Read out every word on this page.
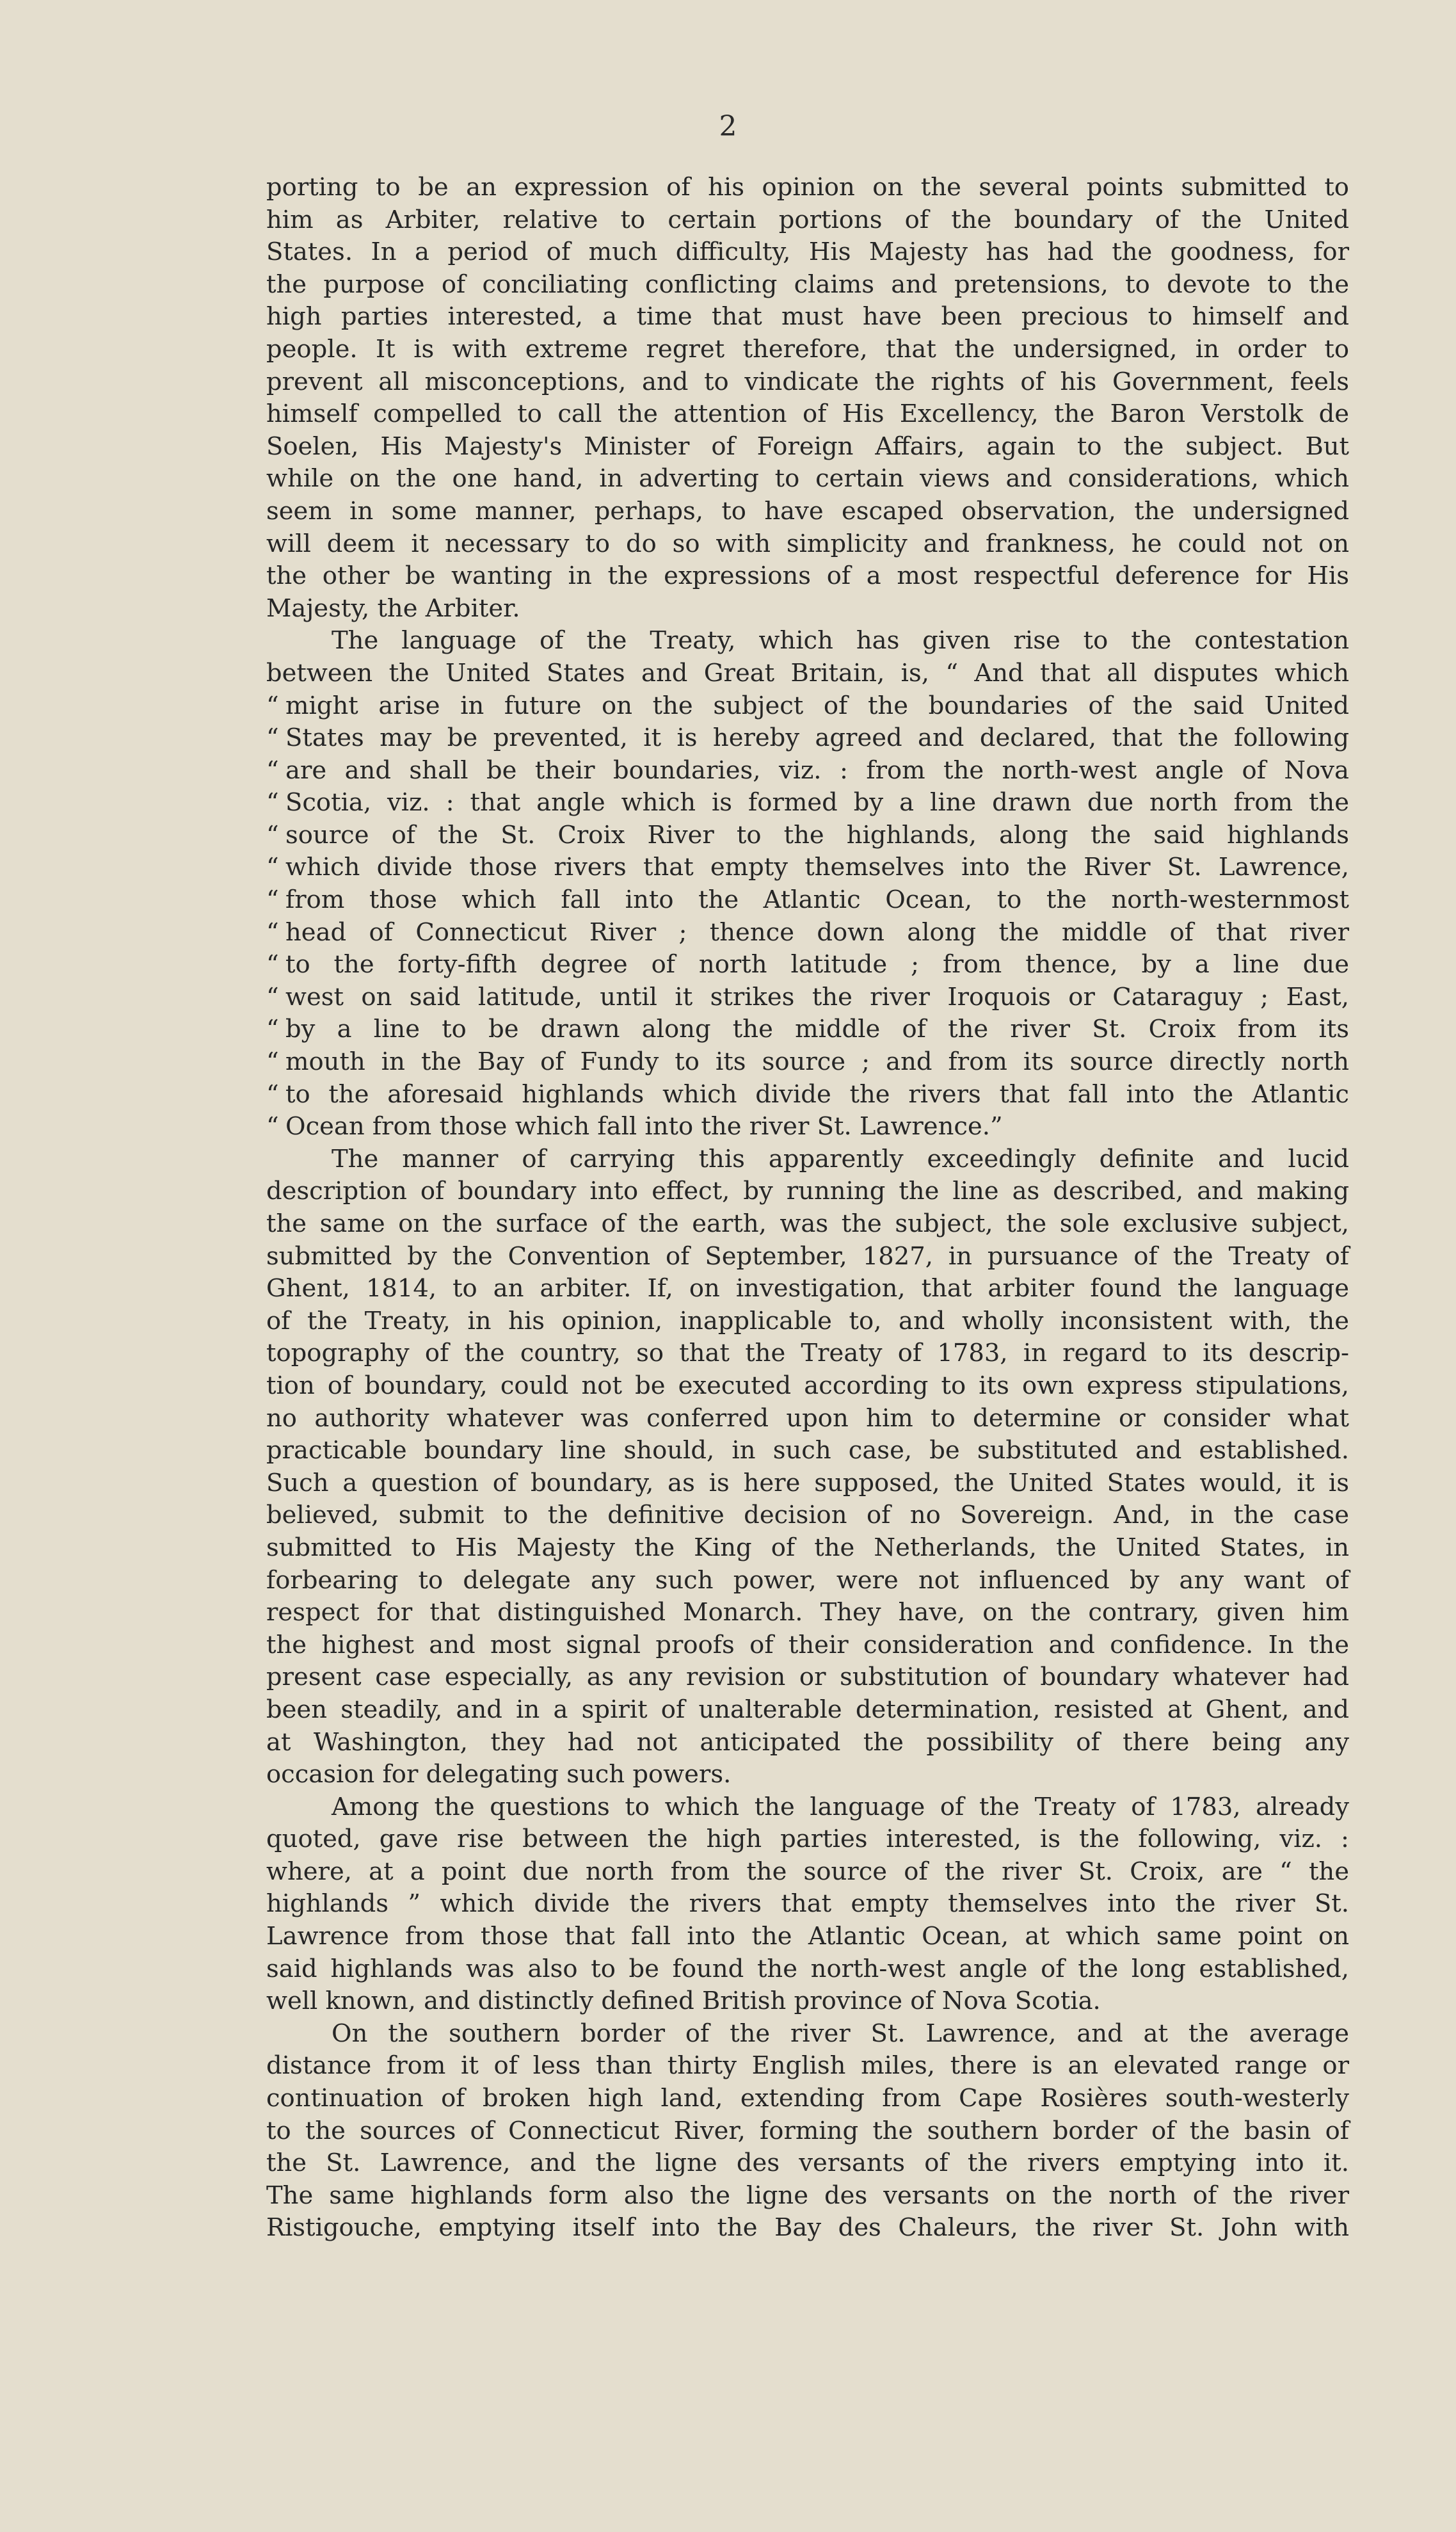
2

porting to be an expression of his opinion on the several points submitted to
him as Arbiter, relative to certain portions of the boundary of the United
States. In a period of much difficulty, His Majesty has had the goodness, for
the purpose of conciliating conflicting claims and pretensions, to devote to the
high parties interested, a time that must have been precious to himself and
people. It is with extreme regret therefore, that the undersigned, in order to
prevent all misconceptions, and to vindicate the rights of his Government, feels
himself compelled to call the attention of His Excellency, the Baron Verstolk de
Soelen, His Majesty's Minister of Foreign Affairs, again to the subject. But
while on the one hand, in adverting to certain views and considerations, which
seem in some manner, perhaps, to have escaped observation, the undersigned
will deem it necessary to do so with simplicity and frankness, he could not on
the other be wanting in the expressions of a most respectful deference for His
Majesty, the Arbiter.

The language of the Treaty, which has given rise to the contestation
between the United States and Great Britain, is, “ And that all disputes which
“ might arise in future on the subject of the boundaries of the said United
“ States may be prevented, it is hereby agreed and declared, that the following
“ are and shall be their boundaries, viz. : from the north-west angle of Nova
“ Scotia, viz. : that angle which is formed by a line drawn due north from the
“ source of the St. Croix River to the highlands, along the said highlands
“ which divide those rivers that empty themselves into the River St. Lawrence,
“ from those which fall into the Atlantic Ocean, to the north-westernmost
“ head of Connecticut River ; thence down along the middle of that river
“ to the forty-fifth degree of north latitude ; from thence, by a line due
“ west on said latitude, until it strikes the river Iroquois or Cataraguy ; East,
“ by a line to be drawn along the middle of the river St. Croix from its
“ mouth in the Bay of Fundy to its source ; and from its source directly north
“ to the aforesaid highlands which divide the rivers that fall into the Atlantic
“ Ocean from those which fall into the river St. Lawrence.”

The manner of carrying this apparently exceedingly definite and lucid
description of boundary into effect, by running the line as described, and making
the same on the surface of the earth, was the subject, the sole exclusive subject,
submitted by the Convention of September, 1827, in pursuance of the Treaty of
Ghent, 1814, to an arbiter. If, on investigation, that arbiter found the language
of the Treaty, in his opinion, inapplicable to, and wholly inconsistent with, the
topography of the country, so that the Treaty of 1783, in regard to its descrip-
tion of boundary, could not be executed according to its own express stipulations,
no authority whatever was conferred upon him to determine or consider what
practicable boundary line should, in such case, be substituted and established.
Such a question of boundary, as is here supposed, the United States would, it is
believed, submit to the definitive decision of no Sovereign. And, in the case
submitted to His Majesty the King of the Netherlands, the United States, in
forbearing to delegate any such power, were not influenced by any want of
respect for that distinguished Monarch. They have, on the contrary, given him
the highest and most signal proofs of their consideration and confidence. In the
present case especially, as any revision or substitution of boundary whatever had
been steadily, and in a spirit of unalterable determination, resisted at Ghent, and
at Washington, they had not anticipated the possibility of there being any
occasion for delegating such powers.

Among the questions to which the language of the Treaty of 1783, already
quoted, gave rise between the high parties interested, is the following, viz. :
where, at a point due north from the source of the river St. Croix, are “ the
highlands ” which divide the rivers that empty themselves into the river St.
Lawrence from those that fall into the Atlantic Ocean, at which same point on
said highlands was also to be found the north-west angle of the long established,
well known, and distinctly defined British province of Nova Scotia.

On the southern border of the river St. Lawrence, and at the average
distance from it of less than thirty English miles, there is an elevated range or
continuation of broken high land, extending from Cape Rosières south-westerly
to the sources of Connecticut River, forming the southern border of the basin of
the St. Lawrence, and the ligne des versants of the rivers emptying into it.
The same highlands form also the ligne des versants on the north of the river
Ristigouche, emptying itself into the Bay des Chaleurs, the river St. John with
